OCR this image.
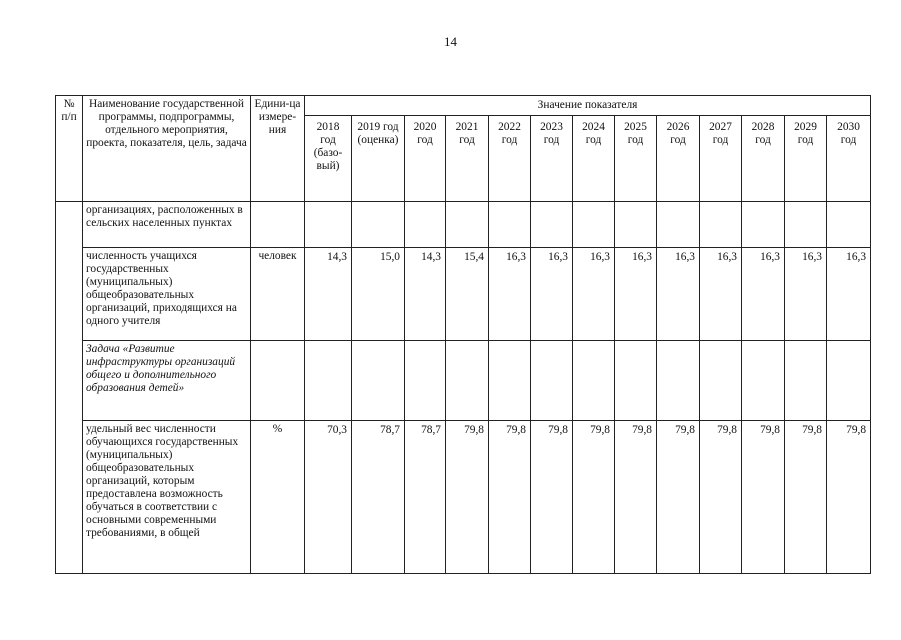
14
№ п/п	Наименование государственной программы, подпрограммы, отдельного мероприятия, проекта, показателя, цель, задача	Едини-ца измере-ния	Значение показателя												
			2018 год (базо-вый)	2019 год (оценка)	2020 год	2021 год	2022 год	2023 год	2024 год	2025 год	2026 год	2027 год	2028 год	2029 год	2030 год
	организациях, расположенных в сельских населенных пунктах														
	численность учащихся государственных (муниципальных) общеобразовательных организаций, приходящихся на одного учителя	человек	14,3	15,0	14,3	15,4	16,3	16,3	16,3	16,3	16,3	16,3	16,3	16,3	16,3
	Задача «Развитие инфраструктуры организаций общего и дополнительного образования детей»														
	удельный вес численности обучающихся государственных (муниципальных) общеобразовательных организаций, которым предоставлена возможность обучаться в соответствии с основными современными требованиями, в общей	%	70,3	78,7	78,7	79,8	79,8	79,8	79,8	79,8	79,8	79,8	79,8	79,8	79,8
